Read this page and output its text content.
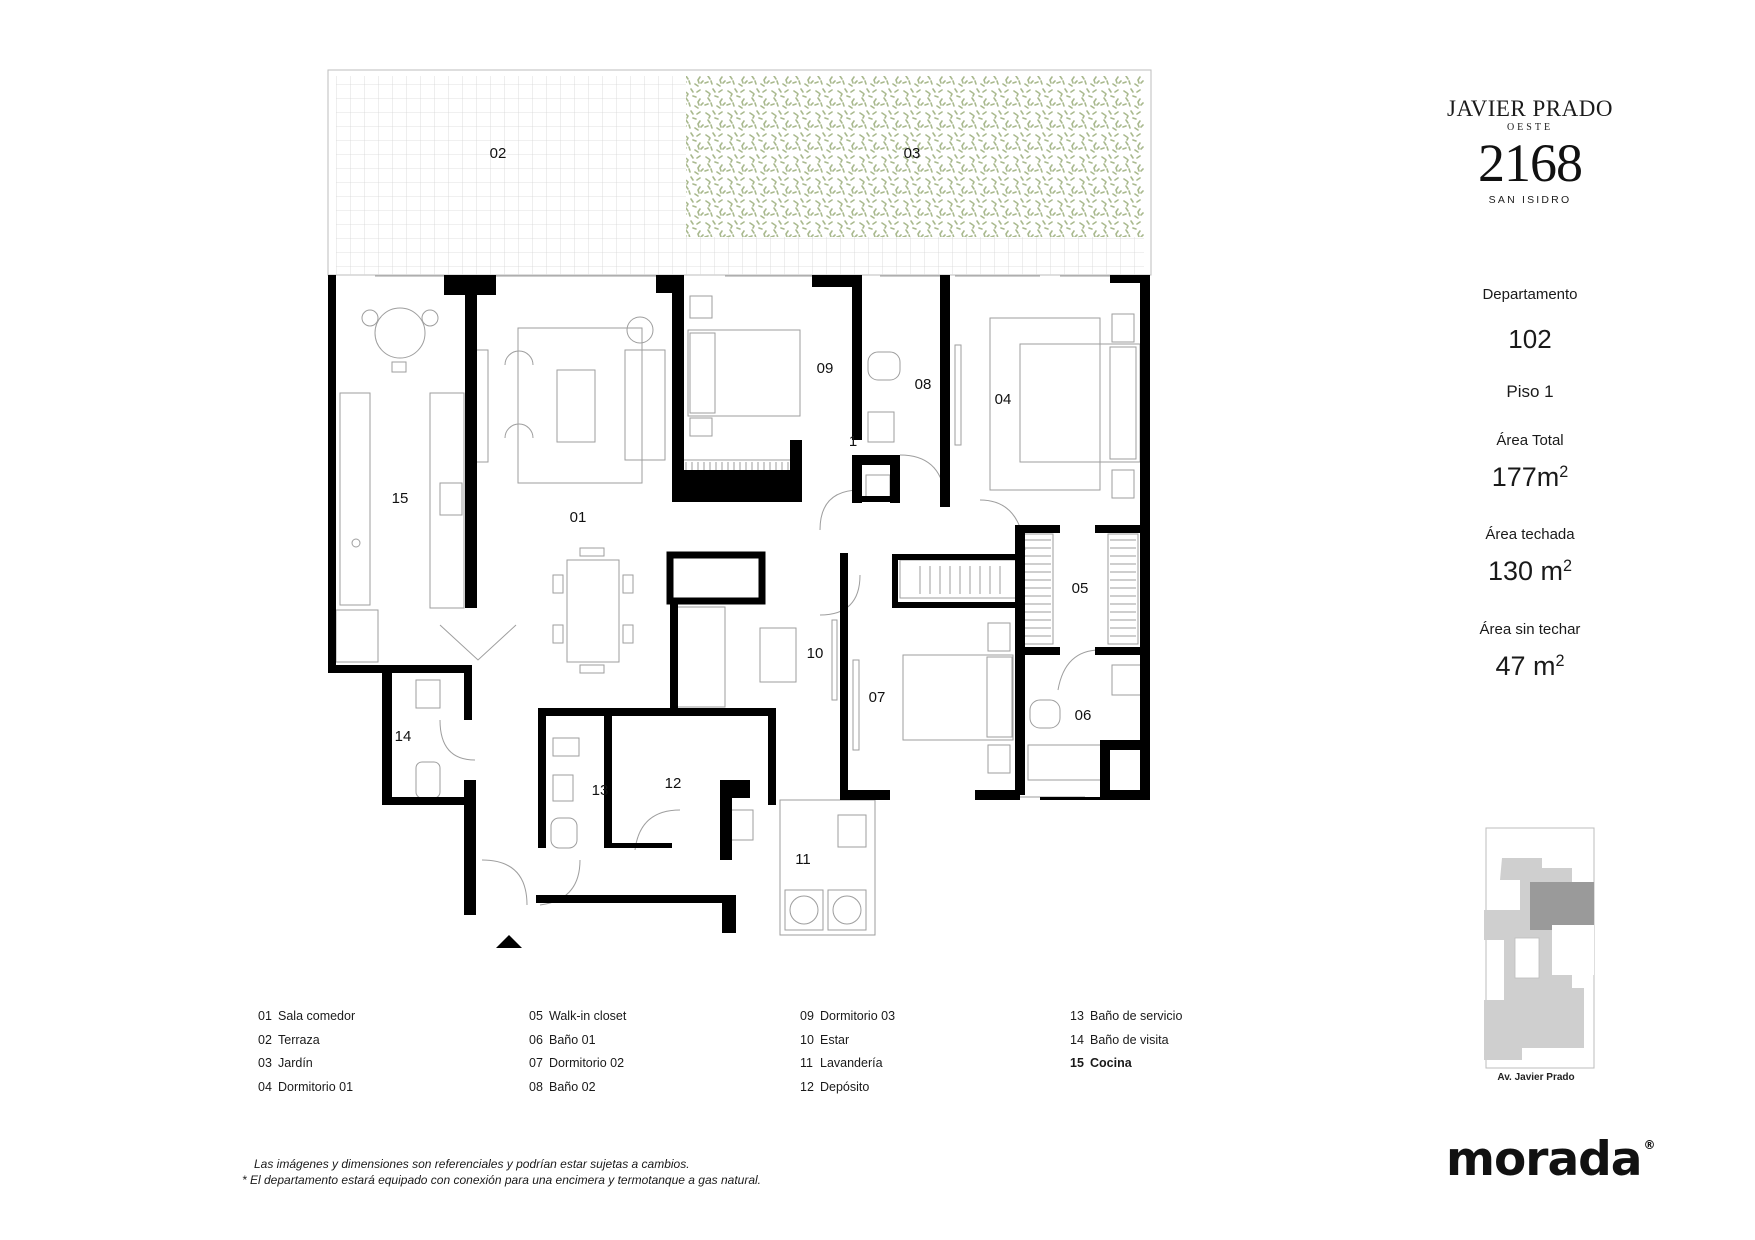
02	03
15
01
09
08
1
04
05
10
07
06
14
12
13
11
JAVIER PRADO
OESTE
2168
SAN ISIDRO
Departamento
102
Piso 1
Área Total
$177m^2$
Área techada
130 $m^2$
Área sin techar
47 $m^2$
Av. Javier Prado
morada ®
01 Sala comedor
02 Terraza
03 Jardín
04 Dormitorio 01
05 Walk-in closet
06 Baño 01
07 Dormitorio 02
08 Baño 02
09 Dormitorio 03
10 Estar
11 Lavandería
12 Depósito
13 Baño de servicio
14 Baño de visita
15 Cocina
Las imágenes y dimensiones son referenciales y podrían estar sujetas a cambios.
* El departamento estará equipado con conexión para una encimera y termotanque a gas natural.
